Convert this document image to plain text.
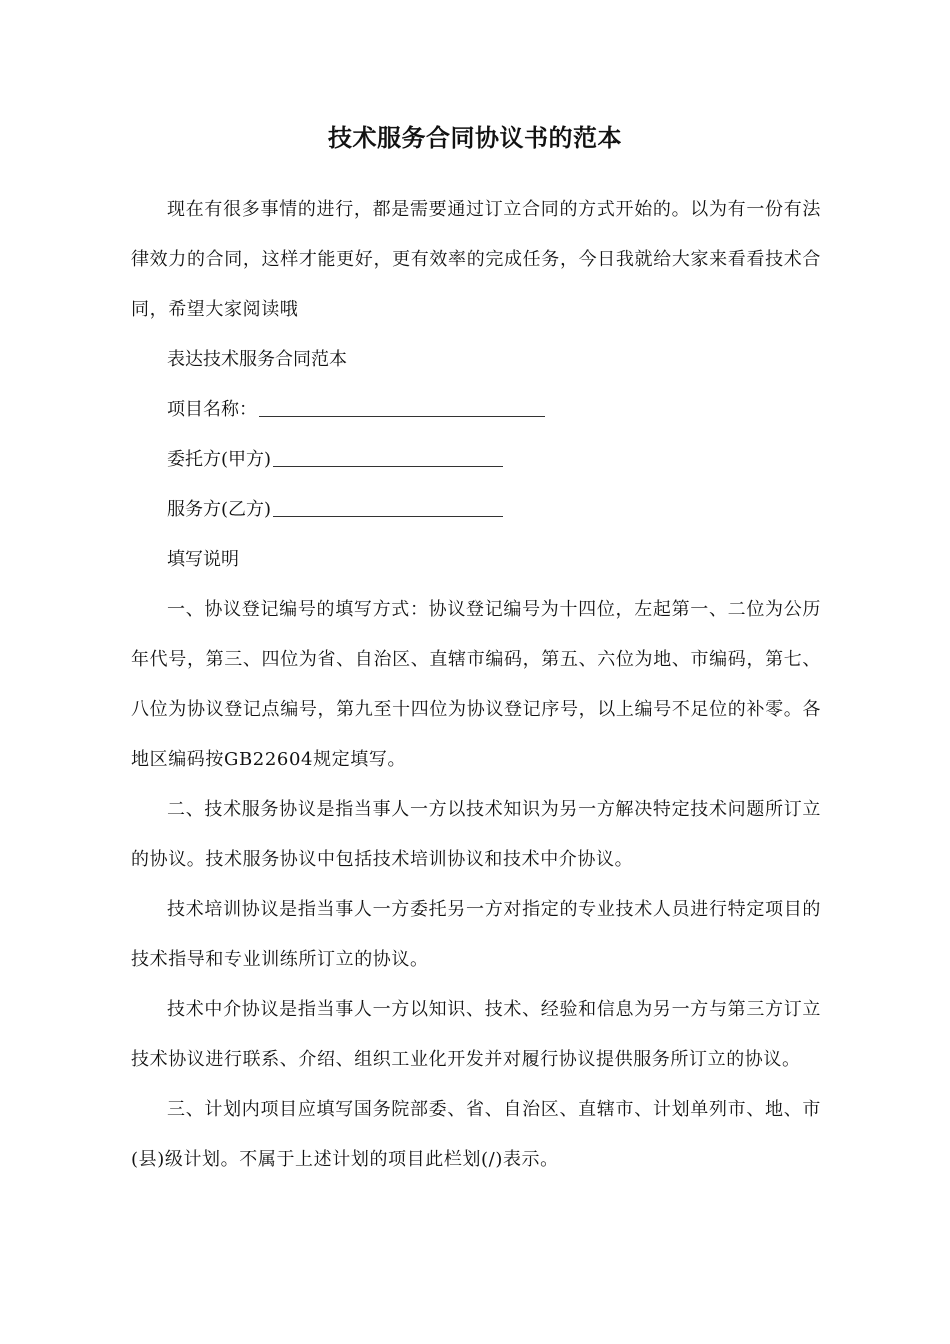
技术服务合同协议书的范本

现在有很多事情的进行，都是需要通过订立合同的方式开始的。以为有一份有法律效力的合同，这样才能更好，更有效率的完成任务，今日我就给大家来看看技术合同，希望大家阅读哦

表达技术服务合同范本

项目名称：

委托方(甲方)

服务方(乙方)

填写说明

一、协议登记编号的填写方式：协议登记编号为十四位，左起第一、二位为公历年代号，第三、四位为省、自治区、直辖市编码，第五、六位为地、市编码，第七、八位为协议登记点编号，第九至十四位为协议登记序号，以上编号不足位的补零。各地区编码按GB22604规定填写。

二、技术服务协议是指当事人一方以技术知识为另一方解决特定技术问题所订立的协议。技术服务协议中包括技术培训协议和技术中介协议。

技术培训协议是指当事人一方委托另一方对指定的专业技术人员进行特定项目的技术指导和专业训练所订立的协议。

技术中介协议是指当事人一方以知识、技术、经验和信息为另一方与第三方订立技术协议进行联系、介绍、组织工业化开发并对履行协议提供服务所订立的协议。

三、计划内项目应填写国务院部委、省、自治区、直辖市、计划单列市、地、市(县)级计划。不属于上述计划的项目此栏划(/)表示。
